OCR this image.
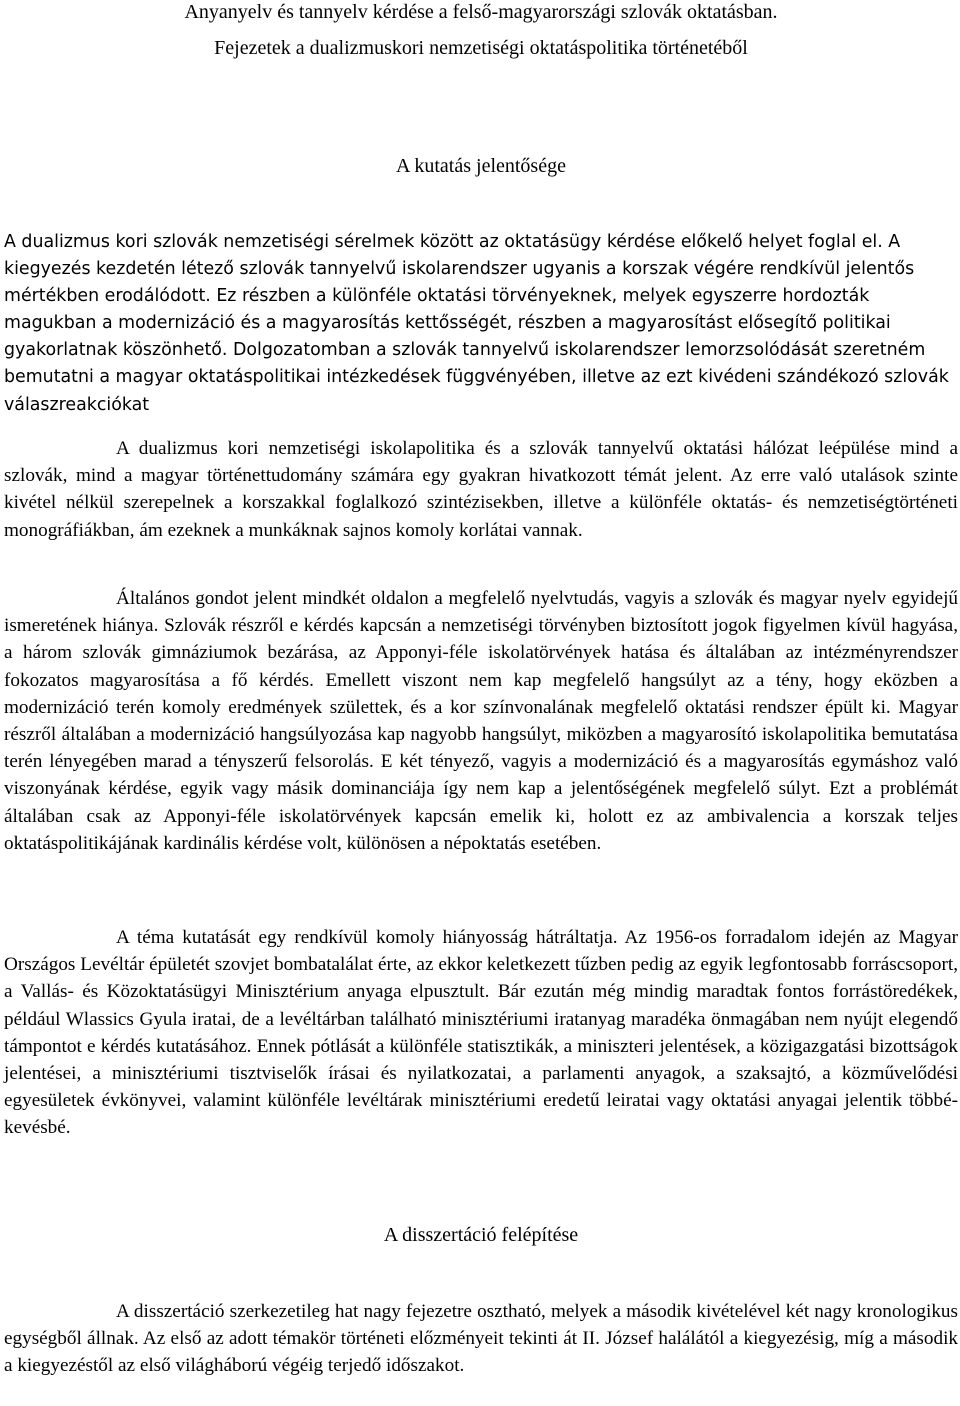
Anyanyelv és tannyelv kérdése a felső-magyarországi szlovák oktatásban.

Fejezetek a dualizmuskori nemzetiségi oktatáspolitika történetéből

A kutatás jelentősége

A dualizmus kori szlovák nemzetiségi sérelmek között az oktatásügy kérdése előkelő helyet foglal el. A kiegyezés kezdetén létező szlovák tannyelvű iskolarendszer ugyanis a korszak végére rendkívül jelentős mértékben erodálódott. Ez részben a különféle oktatási törvényeknek, melyek egyszerre hordozták magukban a modernizáció és a magyarosítás kettősségét, részben a magyarosítást elősegítő politikai gyakorlatnak köszönhető. Dolgozatomban a szlovák tannyelvű iskolarendszer lemorzsolódását szeretném bemutatni a magyar oktatáspolitikai intézkedések függvényében, illetve az ezt kivédeni szándékozó szlovák válaszreakciókat

A dualizmus kori nemzetiségi iskolapolitika és a szlovák tannyelvű oktatási hálózat leépülése mind a szlovák, mind a magyar történettudomány számára egy gyakran hivatkozott témát jelent. Az erre való utalások szinte kivétel nélkül szerepelnek a korszakkal foglalkozó szintézisekben, illetve a különféle oktatás- és nemzetiségtörténeti monográfiákban, ám ezeknek a munkáknak sajnos komoly korlátai vannak.

Általános gondot jelent mindkét oldalon a megfelelő nyelvtudás, vagyis a szlovák és magyar nyelv egyidejű ismeretének hiánya. Szlovák részről e kérdés kapcsán a nemzetiségi törvényben biztosított jogok figyelmen kívül hagyása, a három szlovák gimnáziumok bezárása, az Apponyi-féle iskolatörvények hatása és általában az intézményrendszer fokozatos magyarosítása a fő kérdés. Emellett viszont nem kap megfelelő hangsúlyt az a tény, hogy eközben a modernizáció terén komoly eredmények születtek, és a kor színvonalának megfelelő oktatási rendszer épült ki. Magyar részről általában a modernizáció hangsúlyozása kap nagyobb hangsúlyt, miközben a magyarosító iskolapolitika bemutatása terén lényegében marad a tényszerű felsorolás. E két tényező, vagyis a modernizáció és a magyarosítás egymáshoz való viszonyának kérdése, egyik vagy másik dominanciája így nem kap a jelentőségének megfelelő súlyt. Ezt a problémát általában csak az Apponyi-féle iskolatörvények kapcsán emelik ki, holott ez az ambivalencia a korszak teljes oktatáspolitikájának kardinális kérdése volt, különösen a népoktatás esetében.

A téma kutatását egy rendkívül komoly hiányosság hátráltatja. Az 1956-os forradalom idején az Magyar Országos Levéltár épületét szovjet bombatalálat érte, az ekkor keletkezett tűzben pedig az egyik legfontosabb forráscsoport, a Vallás- és Közoktatásügyi Minisztérium anyaga elpusztult. Bár ezután még mindig maradtak fontos forrástöredékek, például Wlassics Gyula iratai, de a levéltárban található minisztériumi iratanyag maradéka önmagában nem nyújt elegendő támpontot e kérdés kutatásához. Ennek pótlását a különféle statisztikák, a miniszteri jelentések, a közigazgatási bizottságok jelentései, a minisztériumi tisztviselők írásai és nyilatkozatai, a parlamenti anyagok, a szaksajtó, a közművelődési egyesületek évkönyvei, valamint különféle levéltárak minisztériumi eredetű leiratai vagy oktatási anyagai jelentik többé-kevésbé.

A disszertáció felépítése

A disszertáció szerkezetileg hat nagy fejezetre osztható, melyek a második kivételével két nagy kronologikus egységből állnak. Az első az adott témakör történeti előzményeit tekinti át II. József halálától a kiegyezésig, míg a második a kiegyezéstől az első világháború végéig terjedő időszakot.
